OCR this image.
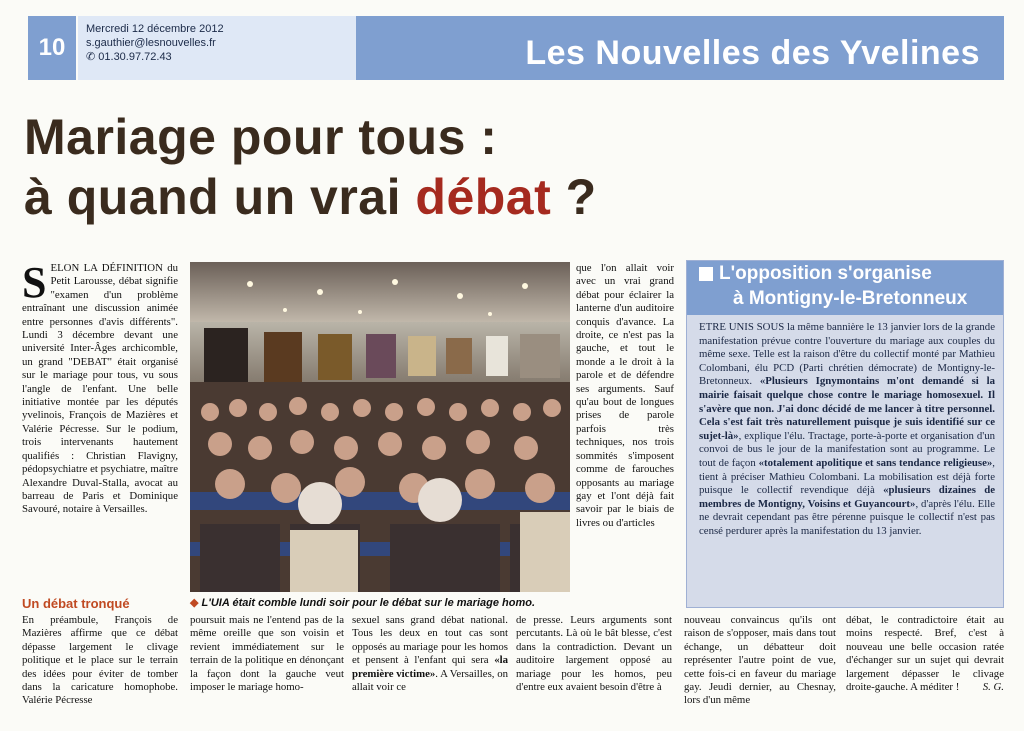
10
Mercredi 12 décembre 2012
s.gauthier@lesnouvelles.fr
✆ 01.30.97.72.43	Les Nouvelles des Yvelines
Mariage pour tous :
à quand un vrai débat ?
SELON LA DÉFINITION du Petit Larousse, débat signifie "examen d'un problème entraînant une discussion animée entre personnes d'avis différents". Lundi 3 décembre devant une université Inter-Âges archicomble, un grand "DEBAT" était organisé sur le mariage pour tous, vu sous l'angle de l'enfant. Une belle initiative montée par les députés yvelinois, François de Mazières et Valérie Pécresse. Sur le podium, trois intervenants hautement qualifiés : Christian Flavigny, pédopsychiatre et psychiatre, maître Alexandre Duval-Stalla, avocat au barreau de Paris et Dominique Savouré, notaire à Versailles.
◆ L'UIA était comble lundi soir pour le débat sur le mariage homo.
que l'on allait voir avec un vrai grand débat pour éclairer la lanterne d'un auditoire conquis d'avance. La droite, ce n'est pas la gauche, et tout le monde a le droit à la parole et de défendre ses arguments. Sauf qu'au bout de longues prises de parole parfois très techniques, nos trois sommités s'imposent comme de farouches opposants au mariage gay et l'ont déjà fait savoir par le biais de livres ou d'articles
Un débat tronqué
En préambule, François de Mazières affirme que ce débat dépasse largement le clivage politique et le place sur le terrain des idées pour éviter de tomber dans la caricature homophobe. Valérie Pécresse
poursuit mais ne l'entend pas de la même oreille que son voisin et revient immédiatement sur le terrain de la politique en dénonçant la façon dont la gauche veut imposer le mariage homo-
sexuel sans grand débat national. Tous les deux en tout cas sont opposés au mariage pour les homos et pensent à l'enfant qui sera «la première victime». A Versailles, on allait voir ce
de presse. Leurs arguments sont percutants. Là où le bât blesse, c'est dans la contradiction. Devant un auditoire largement opposé au mariage pour les homos, peu d'entre eux avaient besoin d'être à
nouveau convaincus qu'ils ont raison de s'opposer, mais dans tout échange, un débatteur doit représenter l'autre point de vue, cette fois-ci en faveur du mariage gay. Jeudi dernier, au Chesnay, lors d'un même
débat, le contradictoire était au moins respecté. Bref, c'est à nouveau une belle occasion ratée d'échanger sur un sujet qui devrait largement dépasser le clivage droite-gauche. A méditer ! S. G.
L'opposition s'organise
à Montigny-le-Bretonneux
ETRE UNIS SOUS la même bannière le 13 janvier lors de la grande manifestation prévue contre l'ouverture du mariage aux couples du même sexe. Telle est la raison d'être du collectif monté par Mathieu Colombani, élu PCD (Parti chrétien démocrate) de Montigny-le-Bretonneux. «Plusieurs Ignymontains m'ont demandé si la mairie faisait quelque chose contre le mariage homosexuel. Il s'avère que non. J'ai donc décidé de me lancer à titre personnel. Cela s'est fait très naturellement puisque je suis identifié sur ce sujet-là», explique l'élu. Tractage, porte-à-porte et organisation d'un convoi de bus le jour de la manifestation sont au programme. Le tout de façon «totalement apolitique et sans tendance religieuse», tient à préciser Mathieu Colombani. La mobilisation est déjà forte puisque le collectif revendique déjà «plusieurs dizaines de membres de Montigny, Voisins et Guyancourt», d'après l'élu. Elle ne devrait cependant pas être pérenne puisque le collectif n'est pas censé perdurer après la manifestation du 13 janvier.
